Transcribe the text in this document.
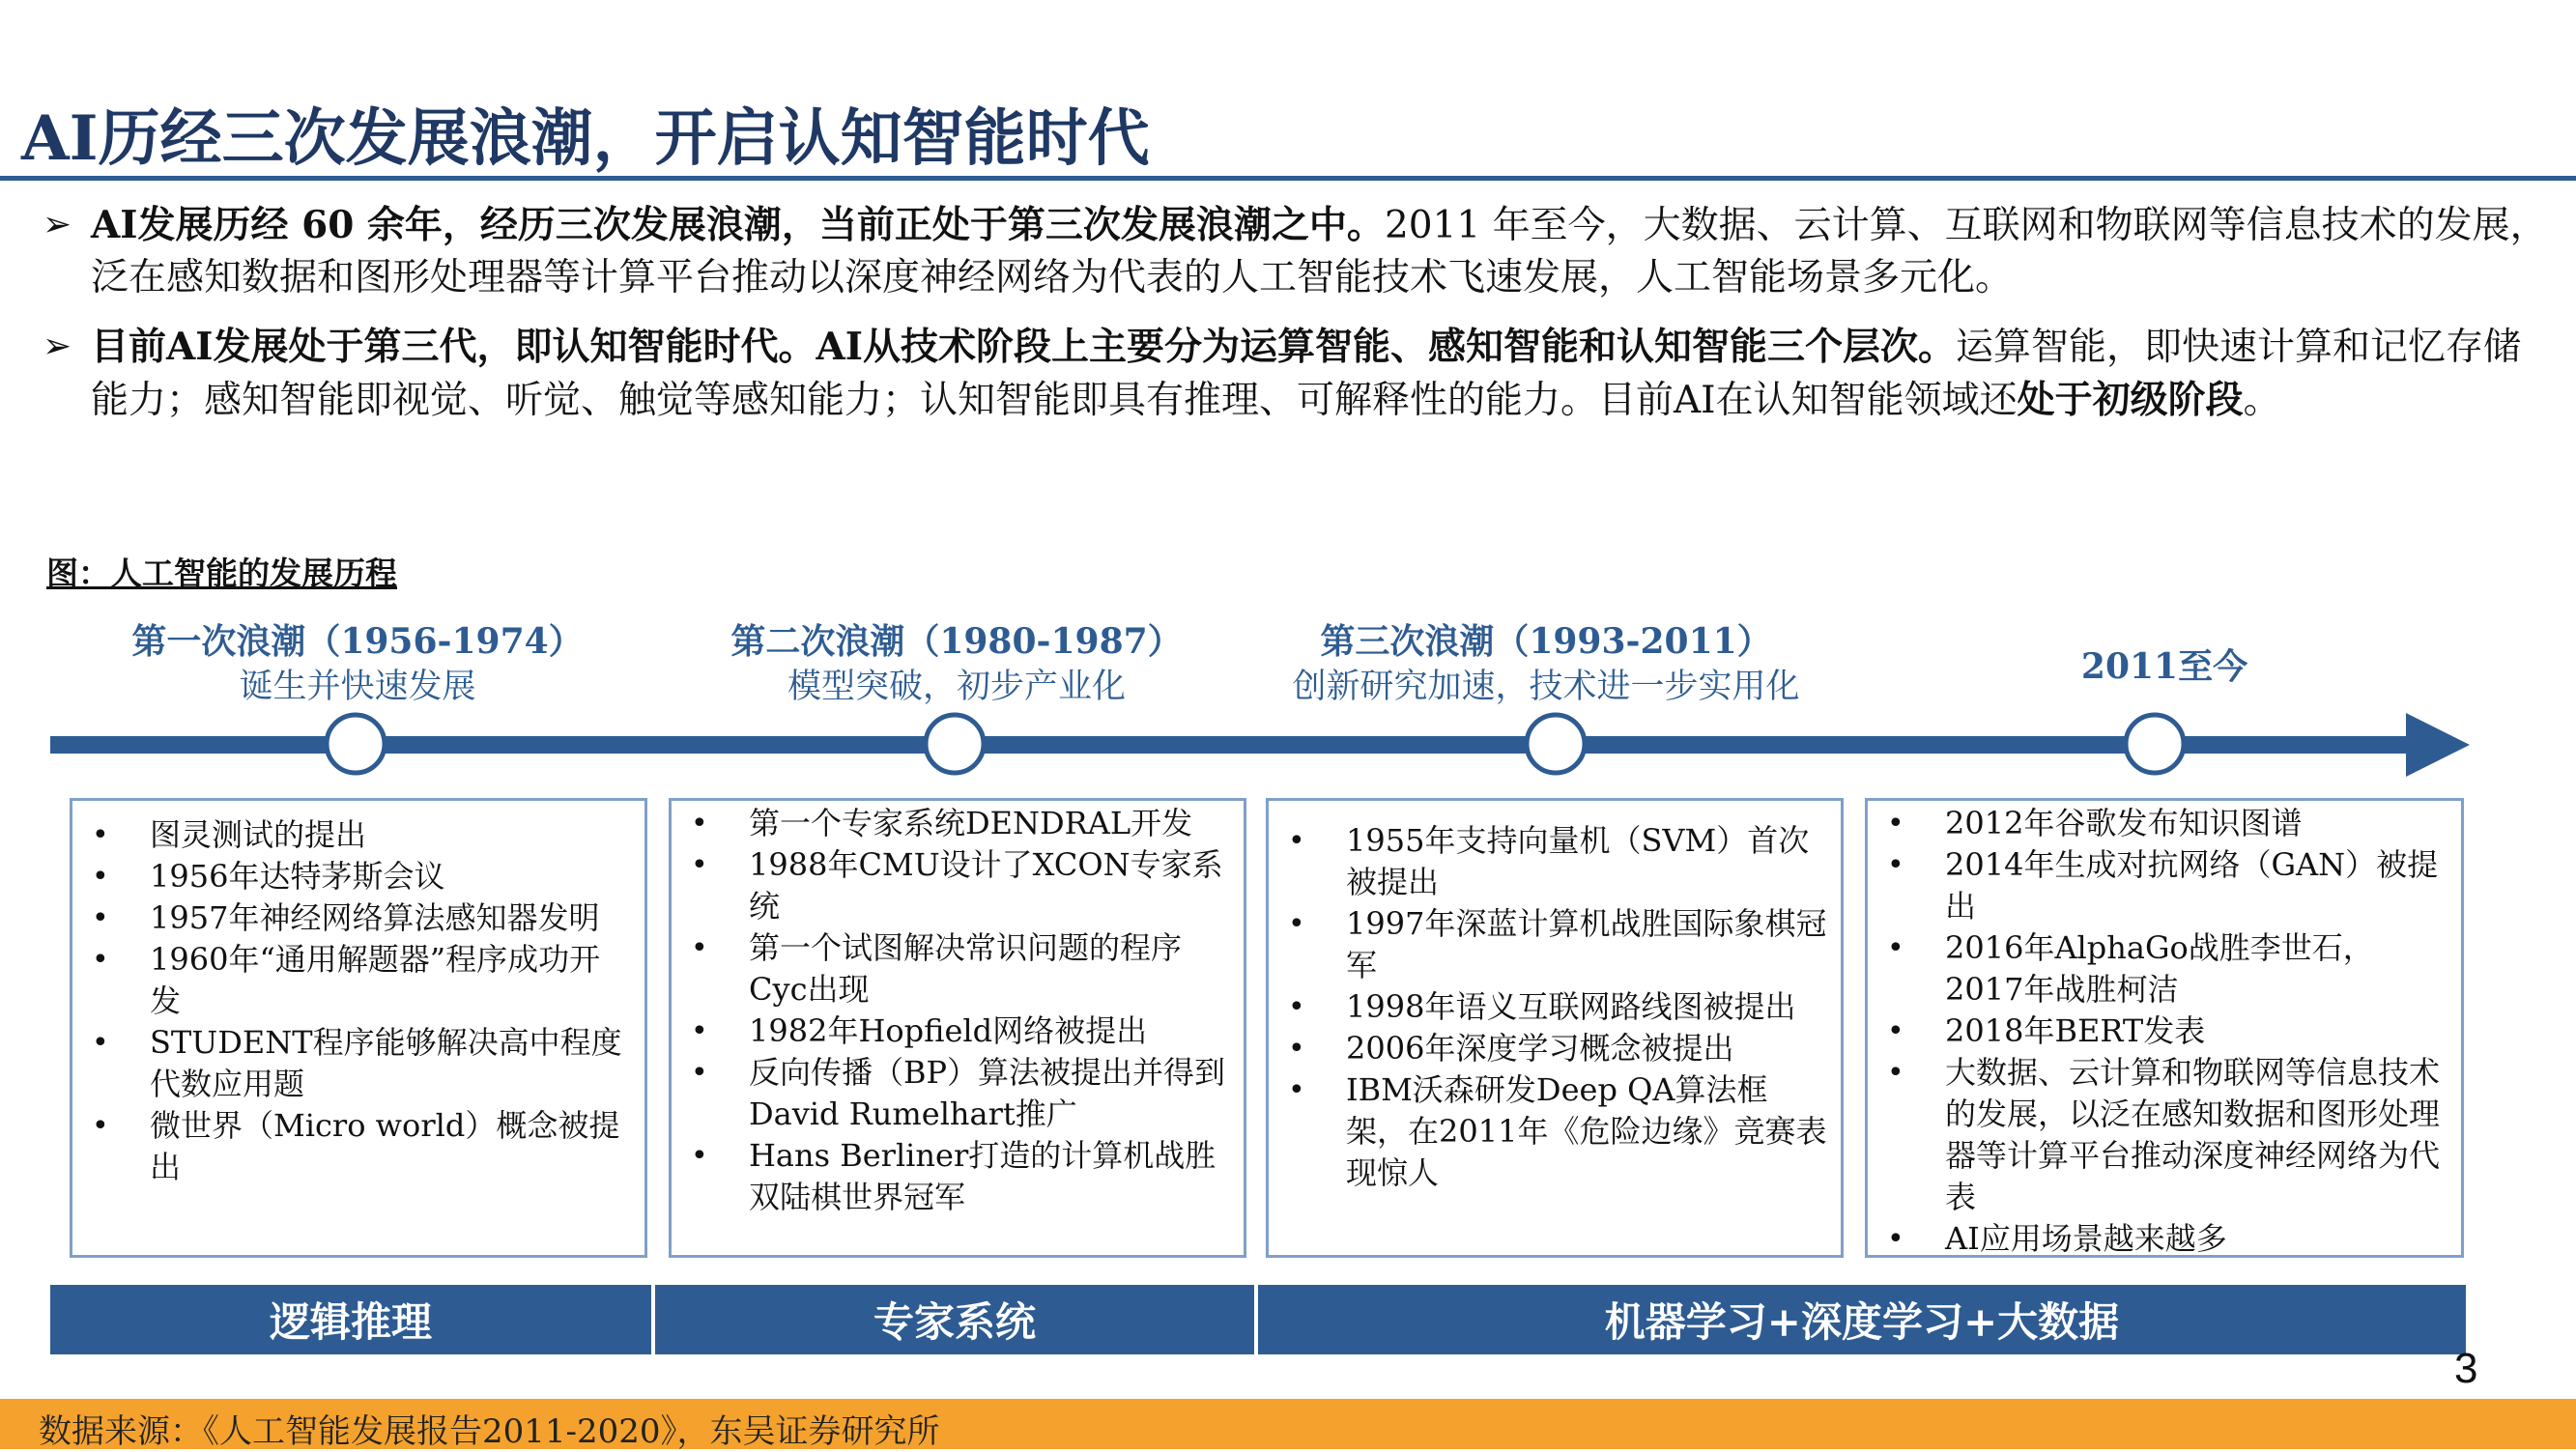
AI历经三次发展浪潮，开启认知智能时代
➢ AI发展历经 60 余年，经历三次发展浪潮，当前正处于第三次发展浪潮之中。2011 年至今，大数据、云计算、互联网和物联网等信息技术的发展，泛在感知数据和图形处理器等计算平台推动以深度神经网络为代表的人工智能技术飞速发展，人工智能场景多元化。
➢ 目前AI发展处于第三代，即认知智能时代。AI从技术阶段上主要分为运算智能、感知智能和认知智能三个层次。运算智能，即快速计算和记忆存储能力；感知智能即视觉、听觉、触觉等感知能力；认知智能即具有推理、可解释性的能力。目前AI在认知智能领域还处于初级阶段。
图：人工智能的发展历程
第一次浪潮（1956-1974）
诞生并快速发展
第二次浪潮（1980-1987）
模型突破，初步产业化
第三次浪潮（1993-2011）
创新研究加速，技术进一步实用化	2011至今
• 图灵测试的提出
• 1956年达特茅斯会议
• 1957年神经网络算法感知器发明
• 1960年“通用解题器”程序成功开发
• STUDENT程序能够解决高中程度代数应用题
• 微世界（Micro world）概念被提出
• 第一个专家系统DENDRAL开发
• 1988年CMU设计了XCON专家系统
• 第一个试图解决常识问题的程序Cyc出现
• 1982年Hopfield网络被提出
• 反向传播（BP）算法被提出并得到David Rumelhart推广
• Hans Berliner打造的计算机战胜双陆棋世界冠军
• 1955年支持向量机（SVM）首次被提出
• 1997年深蓝计算机战胜国际象棋冠军
• 1998年语义互联网路线图被提出
• 2006年深度学习概念被提出
• IBM沃森研发Deep QA算法框架，在2011年《危险边缘》竞赛表现惊人
• 2012年谷歌发布知识图谱
• 2014年生成对抗网络（GAN）被提出
• 2016年AlphaGo战胜李世石，2017年战胜柯洁
• 2018年BERT发表
• 大数据、云计算和物联网等信息技术的发展，以泛在感知数据和图形处理器等计算平台推动深度神经网络为代表
• AI应用场景越来越多
逻辑推理	专家系统	机器学习+深度学习+大数据
3
数据来源：《人工智能发展报告2011-2020》，东吴证券研究所
